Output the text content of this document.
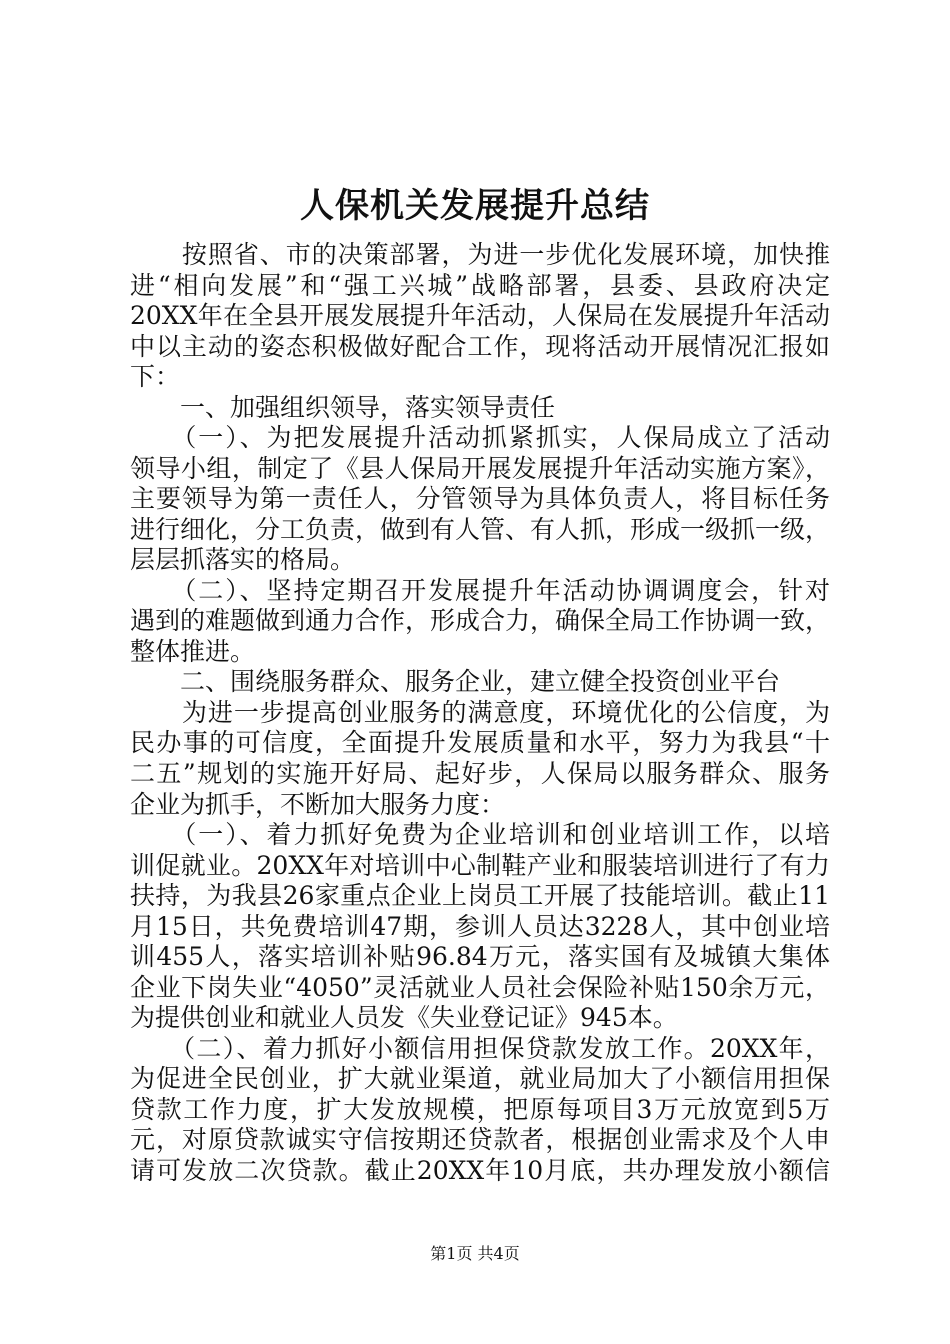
人保机关发展提升总结
　　按照省、市的决策部署，为进一步优化发展环境，加快推
进“相向发展”和“强工兴城”战略部署，县委、县政府决定
20XX年在全县开展发展提升年活动，人保局在发展提升年活动
中以主动的姿态积极做好配合工作，现将活动开展情况汇报如
下：
　　一、加强组织领导，落实领导责任
　　（一）、为把发展提升活动抓紧抓实，人保局成立了活动
领导小组，制定了《县人保局开展发展提升年活动实施方案》，
主要领导为第一责任人，分管领导为具体负责人，将目标任务
进行细化，分工负责，做到有人管、有人抓，形成一级抓一级，
层层抓落实的格局。
　　（二）、坚持定期召开发展提升年活动协调调度会，针对
遇到的难题做到通力合作，形成合力，确保全局工作协调一致，
整体推进。
　　二、围绕服务群众、服务企业，建立健全投资创业平台
　　为进一步提高创业服务的满意度，环境优化的公信度，为
民办事的可信度，全面提升发展质量和水平，努力为我县“十
二五”规划的实施开好局、起好步，人保局以服务群众、服务
企业为抓手，不断加大服务力度：
　　（一）、着力抓好免费为企业培训和创业培训工作，以培
训促就业。20XX年对培训中心制鞋产业和服装培训进行了有力
扶持，为我县26家重点企业上岗员工开展了技能培训。截止11
月15日，共免费培训47期，参训人员达3228人，其中创业培
训455人，落实培训补贴96.84万元，落实国有及城镇大集体
企业下岗失业“4050”灵活就业人员社会保险补贴150余万元，
为提供创业和就业人员发《失业登记证》945本。
　　（二）、着力抓好小额信用担保贷款发放工作。20XX年，
为促进全民创业，扩大就业渠道，就业局加大了小额信用担保
贷款工作力度，扩大发放规模，把原每项目3万元放宽到5万
元，对原贷款诚实守信按期还贷款者，根据创业需求及个人申
请可发放二次贷款。截止20XX年10月底，共办理发放小额信
第1页 共4页
